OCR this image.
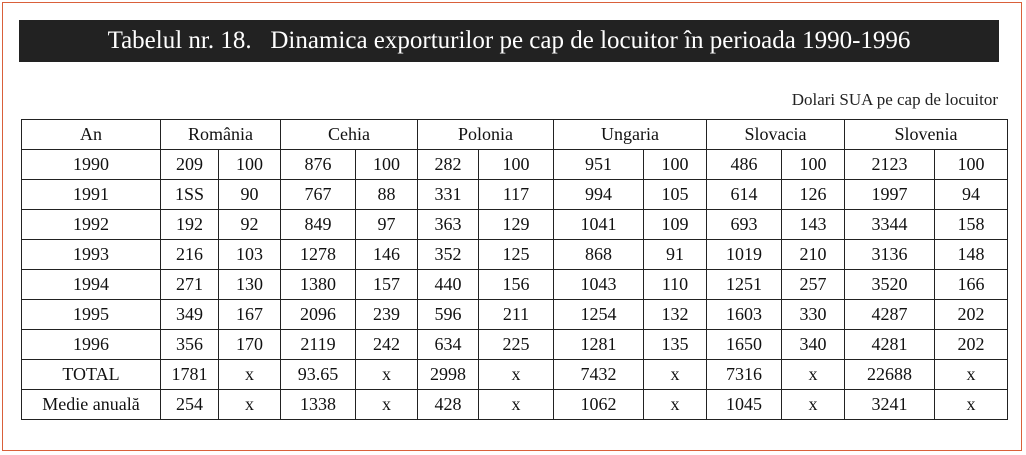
Tabelul nr. 18.   Dinamica exporturilor pe cap de locuitor în perioada 1990-1996
Dolari SUA pe cap de locuitor
An	România		Cehia		Polonia		Ungaria		Slovacia		Slovenia	
1990	209	100	876	100	282	100	951	100	486	100	2123	100
1991	1SS	90	767	88	331	117	994	105	614	126	1997	94
1992	192	92	849	97	363	129	1041	109	693	143	3344	158
1993	216	103	1278	146	352	125	868	91	1019	210	3136	148
1994	271	130	1380	157	440	156	1043	110	1251	257	3520	166
1995	349	167	2096	239	596	211	1254	132	1603	330	4287	202
1996	356	170	2119	242	634	225	1281	135	1650	340	4281	202
TOTAL	1781	x	93.65	x	2998	x	7432	x	7316	x	22688	x
Medie anuală	254	x	1338	x	428	x	1062	x	1045	x	3241	x
